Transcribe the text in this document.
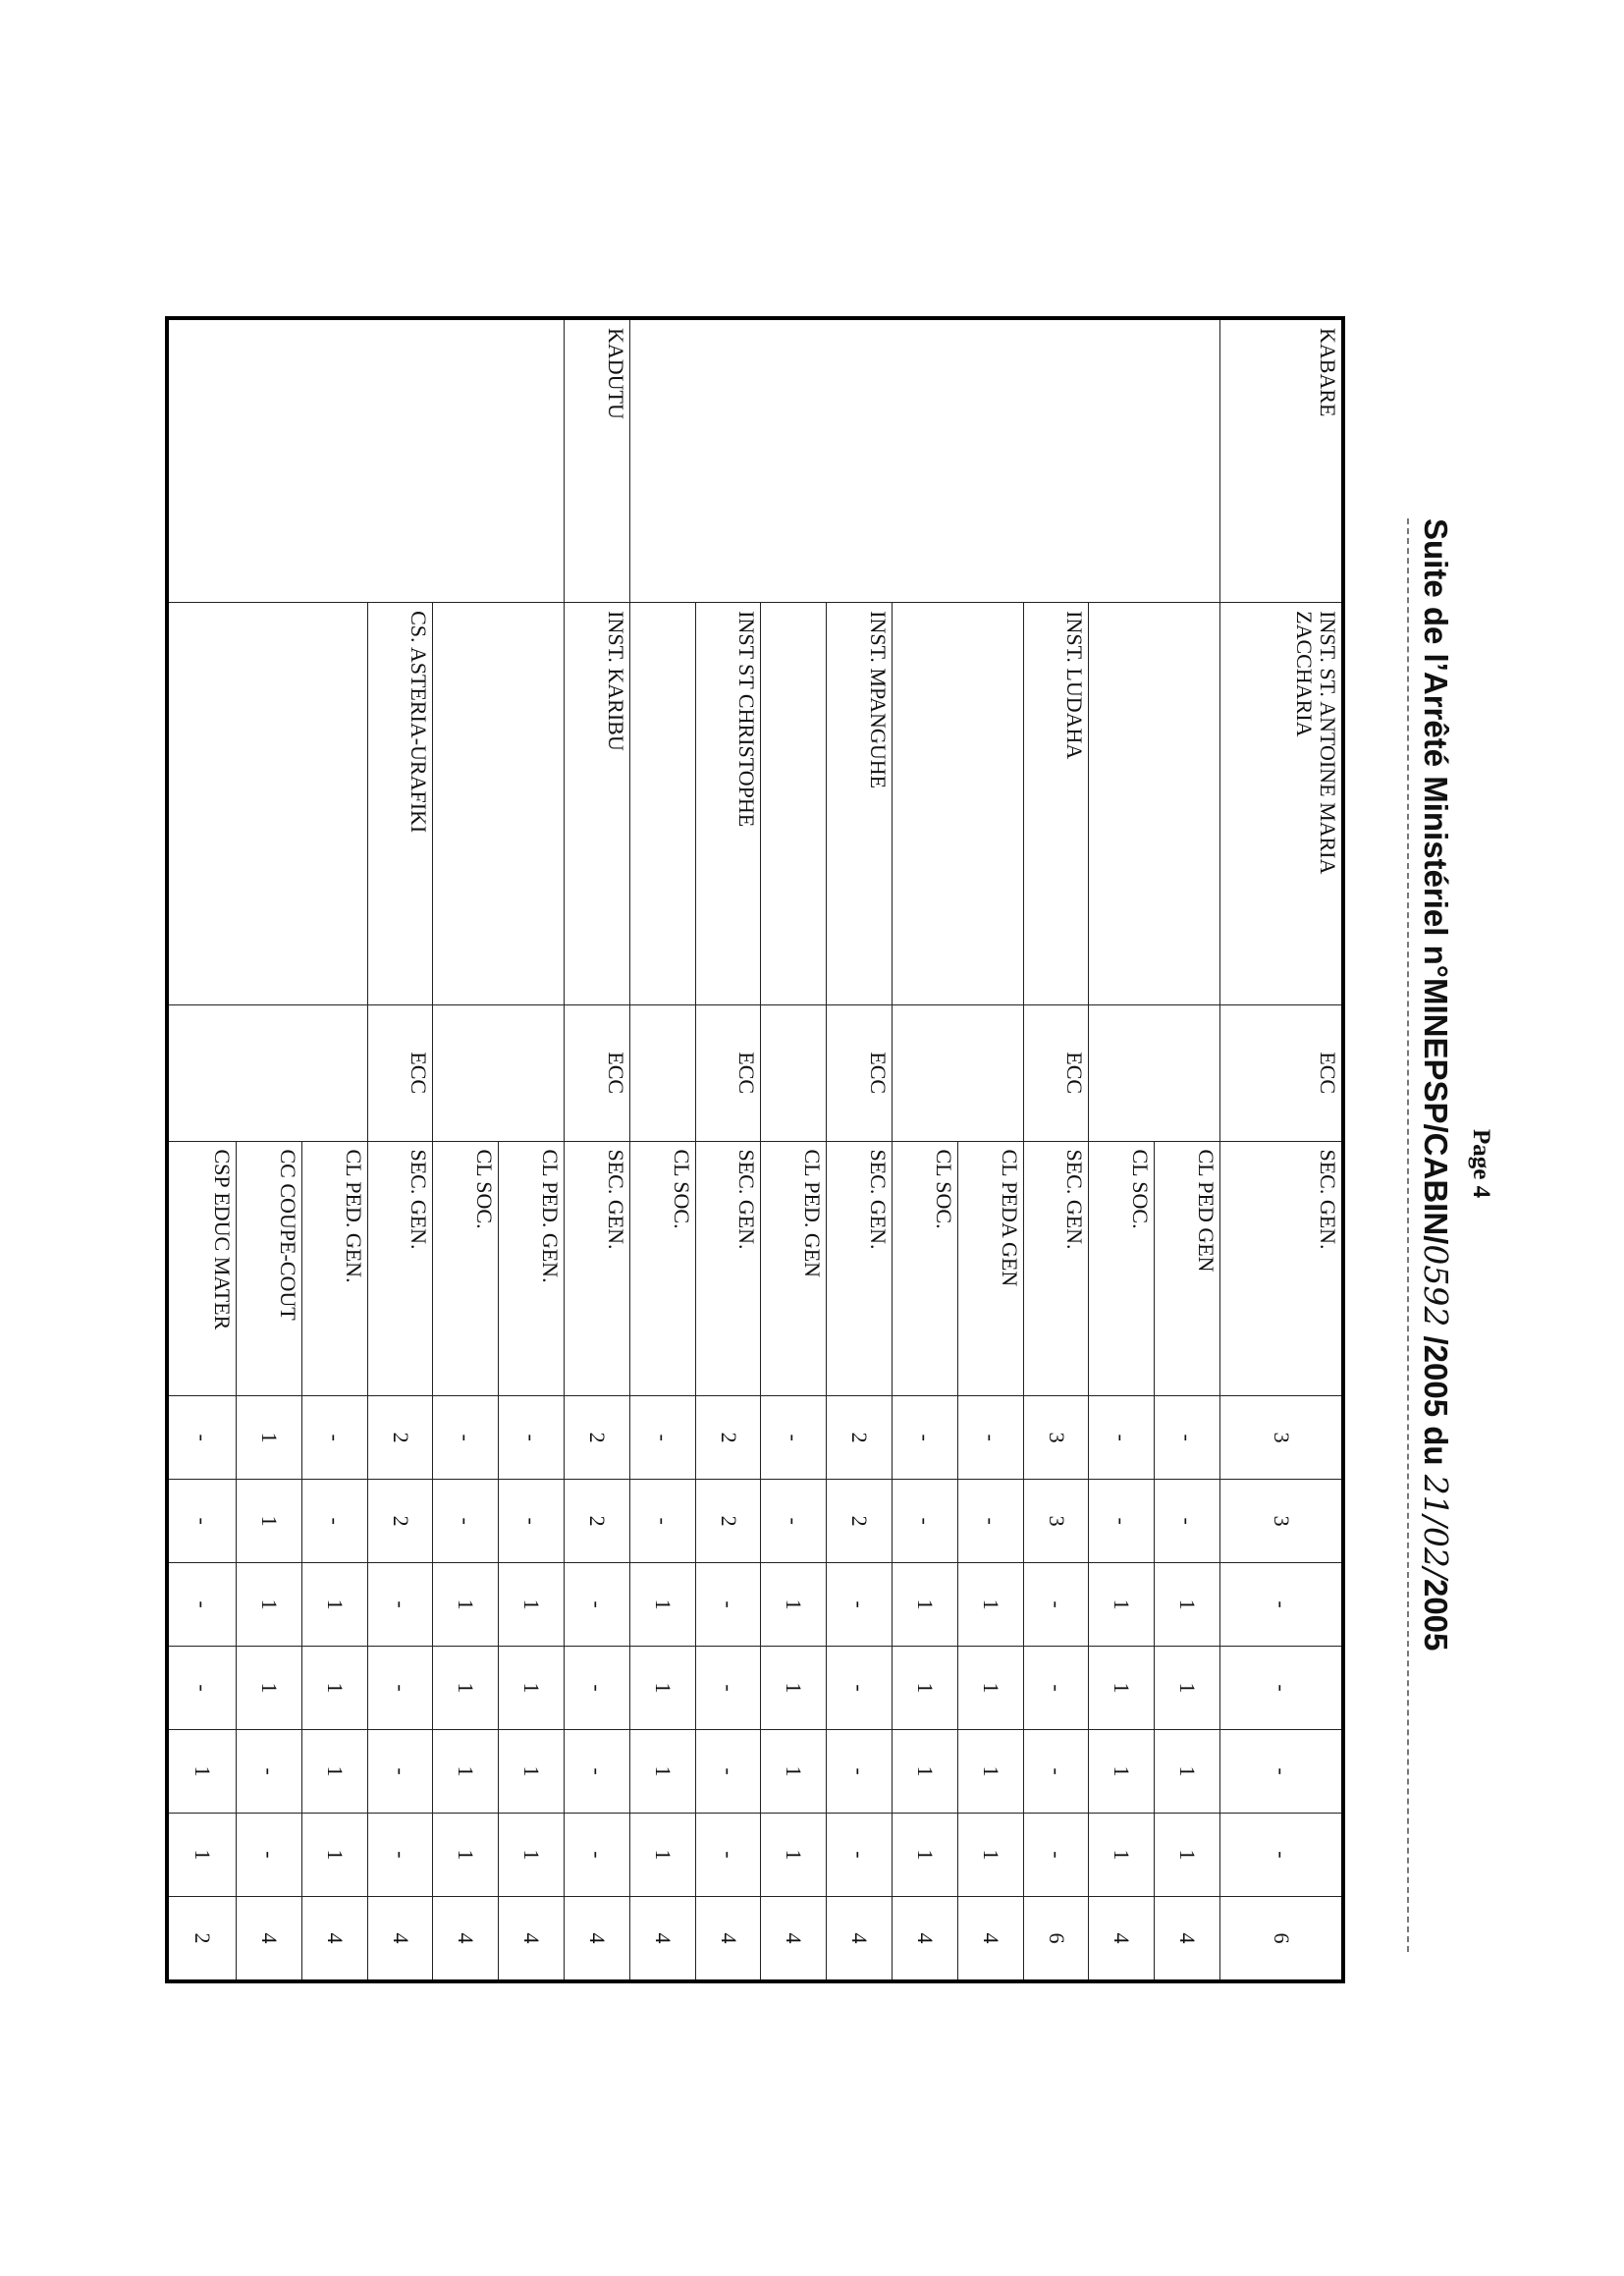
Page 4
Suite de l’Arrêté Ministériel n°MINEPSP/CABIN/0592 /2005 du 21/02/2005
KABARE	INST. ST. ANTOINE MARIA ZACCHARIA	ECC	SEC. GEN.	3	3	-	-	-	-	6
			CL PED GEN	-	-	1	1	1	1	4
			CL SOC.	-	-	1	1	1	1	4
	INST. LUDAHA	ECC	SEC. GEN.	3	3	-	-	-	-	6
			CL PEDA GEN	-	-	1	1	1	1	4
			CL SOC.	-	-	1	1	1	1	4
	INST. MPANGUHE	ECC	SEC. GEN.	2	2	-	-	-	-	4
			CL PED. GEN	-	-	1	1	1	1	4
	INST ST CHRISTOPHE	ECC	SEC. GEN.	2	2	-	-	-	-	4
			CL SOC.	-	-	1	1	1	1	4
KADUTU	INST. KARIBU	ECC	SEC. GEN.	2	2	-	-	-	-	4
			CL PED. GEN.	-	-	1	1	1	1	4
			CL SOC.	-	-	1	1	1	1	4
	CS. ASTERIA-URAFIKI	ECC	SEC. GEN.	2	2	-	-	-	-	4
			CL PED. GEN.	-	-	1	1	1	1	4
			CC COUPE-COUT	1	1	1	1	-	-	4
			CSP EDUC MATER	-	-	-	-	1	1	2
